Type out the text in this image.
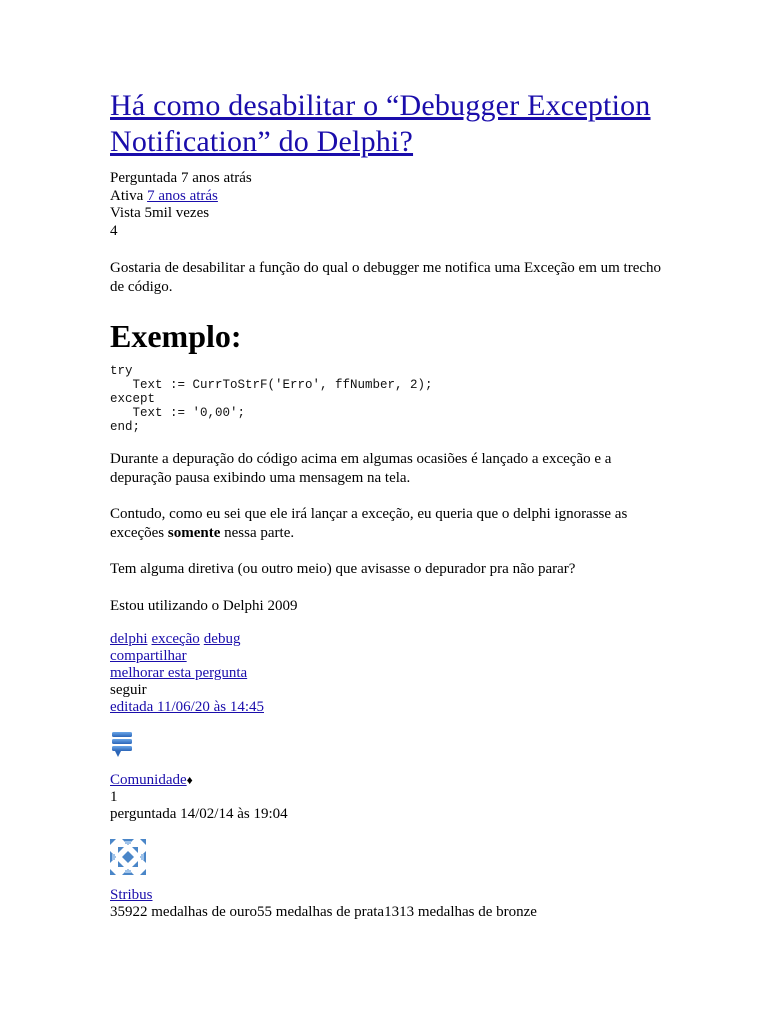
Há como desabilitar o “Debugger Exception Notification” do Delphi?
Perguntada 7 anos atrás
Ativa 7 anos atrás
Vista 5mil vezes
4

Gostaria de desabilitar a função do qual o debugger me notifica uma Exceção em um trecho de código.

Exemplo:
try
Text := CurrToStrF('Erro', ffNumber, 2);
except
Text := '0,00';
end;

Durante a depuração do código acima em algumas ocasiões é lançado a exceção e a depuração pausa exibindo uma mensagem na tela.

Contudo, como eu sei que ele irá lançar a exceção, eu queria que o delphi ignorasse as exceções somente nessa parte.

Tem alguma diretiva (ou outro meio) que avisasse o depurador pra não parar?

Estou utilizando o Delphi 2009

delphi exceção debug
compartilhar
melhorar esta pergunta
seguir
editada 11/06/20 às 14:45
Comunidade♦
1
perguntada 14/02/14 às 19:04
Stribus
35922 medalhas de ouro55 medalhas de prata1313 medalhas de bronze
